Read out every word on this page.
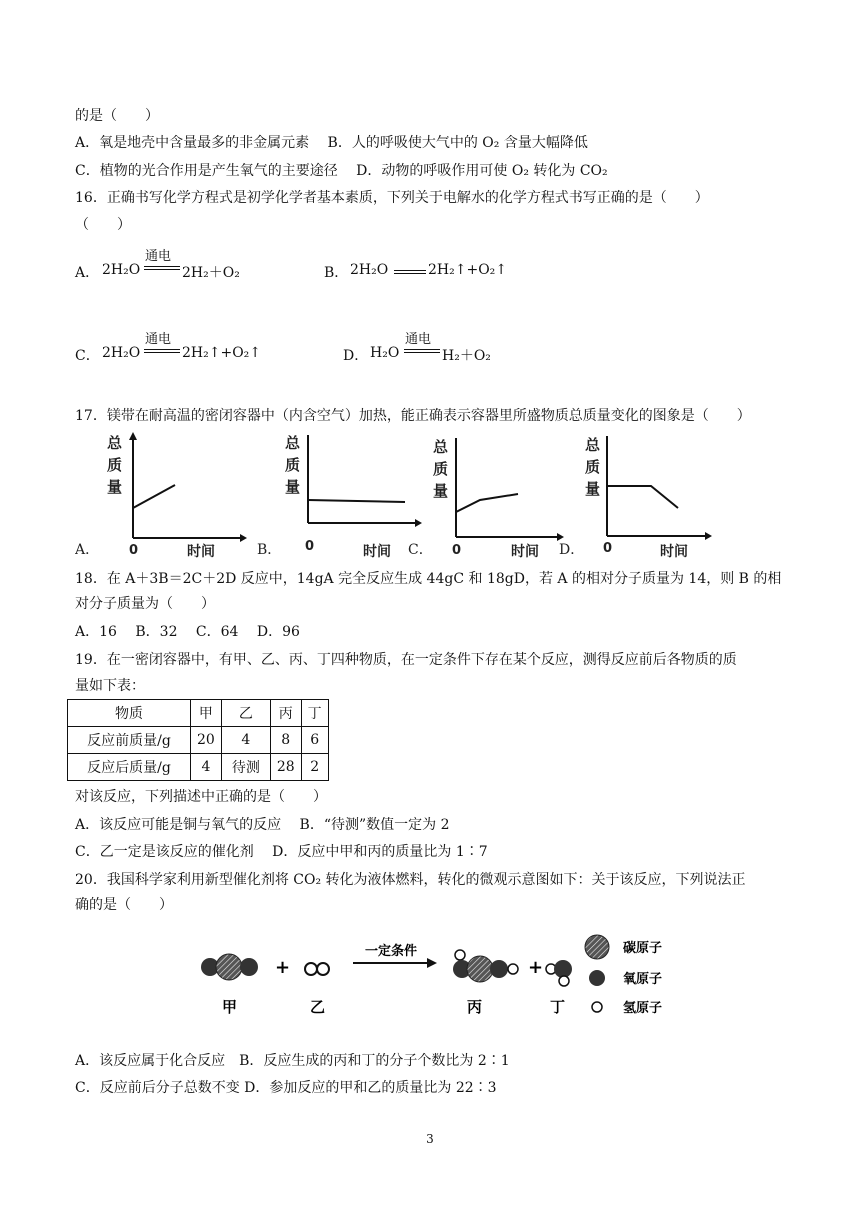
的是（　　）
A．氧是地壳中含量最多的非金属元素　 B．人的呼吸使大气中的 O₂ 含量大幅降低
C．植物的光合作用是产生氧气的主要途径　 D．动物的呼吸作用可使 O₂ 转化为 CO₂
16．正确书写化学方程式是初学化学者基本素质，下列关于电解水的化学方程式书写正确的是（　　）
（　　）
A． 2H₂O
通电
2H₂＋O₂	B． 2H₂O	2H₂↑+O₂↑
C． 2H₂O
通电
2H₂↑+O₂↑	D． H₂O
通电
H₂＋O₂
17．镁带在耐高温的密闭容器中（内含空气）加热，能正确表示容器里所盛物质总质量变化的图象是（　　）
A．
总
质
量
0	时间	B．
总
质
量
0	时间 C．
总
质
量
0	时间 D．
总
质
量
0	时间
18．在 A＋3B＝2C＋2D 反应中，14gA 完全反应生成 44gC 和 18gD，若 A 的相对分子质量为 14，则 B 的相
对分子质量为（　　）
A．16　 B．32　 C．64　 D．96
19．在一密闭容器中，有甲、乙、丙、丁四种物质，在一定条件下存在某个反应，测得反应前后各物质的质
量如下表：
物质	甲	乙	丙	丁
反应前质量/g	20	4	8	6
反应后质量/g	4	待测	28	2
对该反应，下列描述中正确的是（　　）
A．该反应可能是铜与氧气的反应　 B．“待测”数值一定为 2
C．乙一定是该反应的催化剂　 D．反应中甲和丙的质量比为 1∶7
20．我国科学家利用新型催化剂将 CO₂ 转化为液体燃料，转化的微观示意图如下：关于该反应，下列说法正
确的是（　　）
+
一定条件
+
碳原子
氧原子
氢原子
甲	乙	丙	丁
A．该反应属于化合反应　B．反应生成的丙和丁的分子个数比为 2∶1
C．反应前后分子总数不变 D．参加反应的甲和乙的质量比为 22∶3
3
